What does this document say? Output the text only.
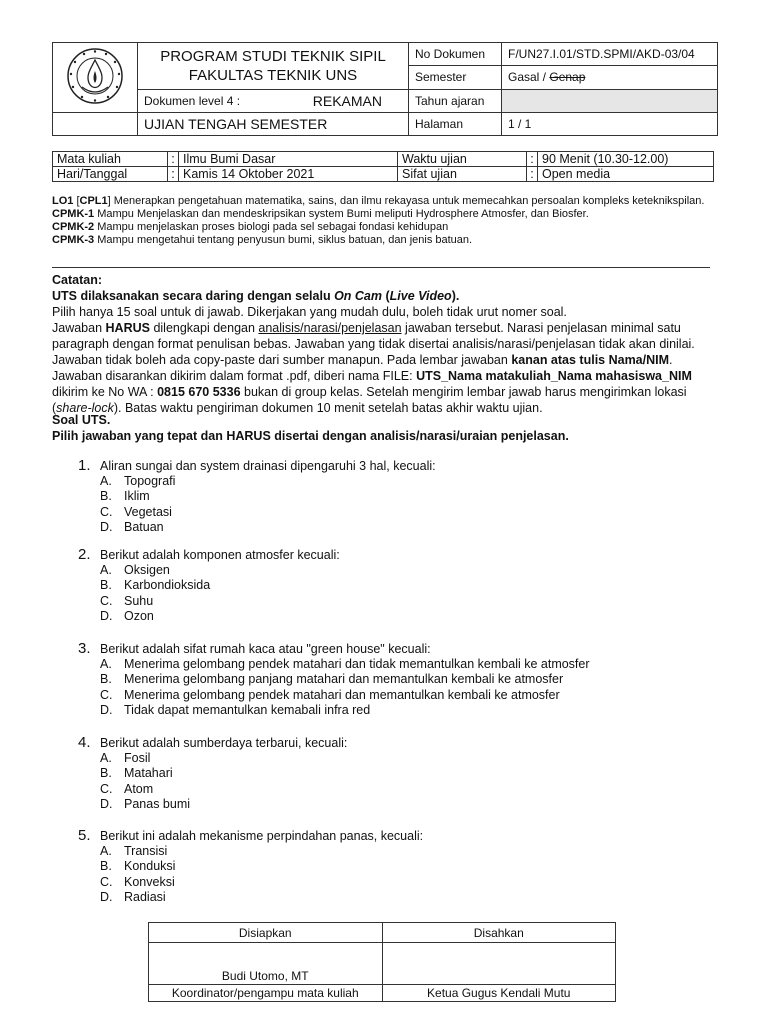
PROGRAM STUDI TEKNIK SIPIL
FAKULTAS TEKNIK UNS	No Dokumen	F/UN27.I.01/STD.SPMI/AKD-03/04
		Semester	Gasal / Genap

	Dokumen level 4 : REKAMAN	Tahun ajaran	
	UJIAN TENGAH SEMESTER	Halaman	1 / 1
Mata kuliah	:	Ilmu Bumi Dasar	Waktu ujian	:	90 Menit (10.30-12.00)
Hari/Tanggal	:	Kamis 14 Oktober 2021	Sifat ujian	:	Open media
LO1 [CPL1] Menerapkan pengetahuan matematika, sains, dan ilmu rekayasa untuk memecahkan persoalan kompleks keteknikspilan.
CPMK-1 Mampu Menjelaskan dan mendeskripsikan system Bumi meliputi Hydrosphere Atmosfer, dan Biosfer.
CPMK-2 Mampu menjelaskan proses biologi pada sel sebagai fondasi kehidupan
CPMK-3 Mampu mengetahui tentang penyusun bumi, siklus batuan, dan jenis batuan.

Catatan:

UTS dilaksanakan secara daring dengan selalu On Cam (Live Video).

Pilih hanya 15 soal untuk di jawab. Dikerjakan yang mudah dulu, boleh tidak urut nomer soal.

Jawaban HARUS dilengkapi dengan analisis/narasi/penjelasan jawaban tersebut. Narasi penjelasan minimal satu paragraph dengan format penulisan bebas. Jawaban yang tidak disertai analisis/narasi/penjelasan tidak akan dinilai.

Jawaban tidak boleh ada copy-paste dari sumber manapun. Pada lembar jawaban kanan atas tulis Nama/NIM.

Jawaban disarankan dikirim dalam format .pdf, diberi nama FILE: UTS_Nama matakuliah_Nama mahasiswa_NIM

dikirim ke No WA : 0815 670 5336 bukan di group kelas. Setelah mengirim lembar jawab harus mengirimkan lokasi (share-lock). Batas waktu pengiriman dokumen 10 menit setelah batas akhir waktu ujian.

Soal UTS.

Pilih jawaban yang tepat dan HARUS disertai dengan analisis/narasi/uraian penjelasan.

1. Aliran sungai dan system drainasi dipengaruhi 3 hal, kecuali:
A. Topografi
B. Iklim
C. Vegetasi
D. Batuan
2. Berikut adalah komponen atmosfer kecuali:
A. Oksigen
B. Karbondioksida
C. Suhu
D. Ozon
3. Berikut adalah sifat rumah kaca atau "green house" kecuali:
A. Menerima gelombang pendek matahari dan tidak memantulkan kembali ke atmosfer
B. Menerima gelombang panjang matahari dan memantulkan kembali ke atmosfer
C. Menerima gelombang pendek matahari dan memantulkan kembali ke atmosfer
D. Tidak dapat memantulkan kemabali infra red
4. Berikut adalah sumberdaya terbarui, kecuali:
A. Fosil
B. Matahari
C. Atom
D. Panas bumi
5. Berikut ini adalah mekanisme perpindahan panas, kecuali:
A. Transisi
B. Konduksi
C. Konveksi
D. Radiasi
Disiapkan	Disahkan
Budi Utomo, MT	
Koordinator/pengampu mata kuliah	Ketua Gugus Kendali Mutu
